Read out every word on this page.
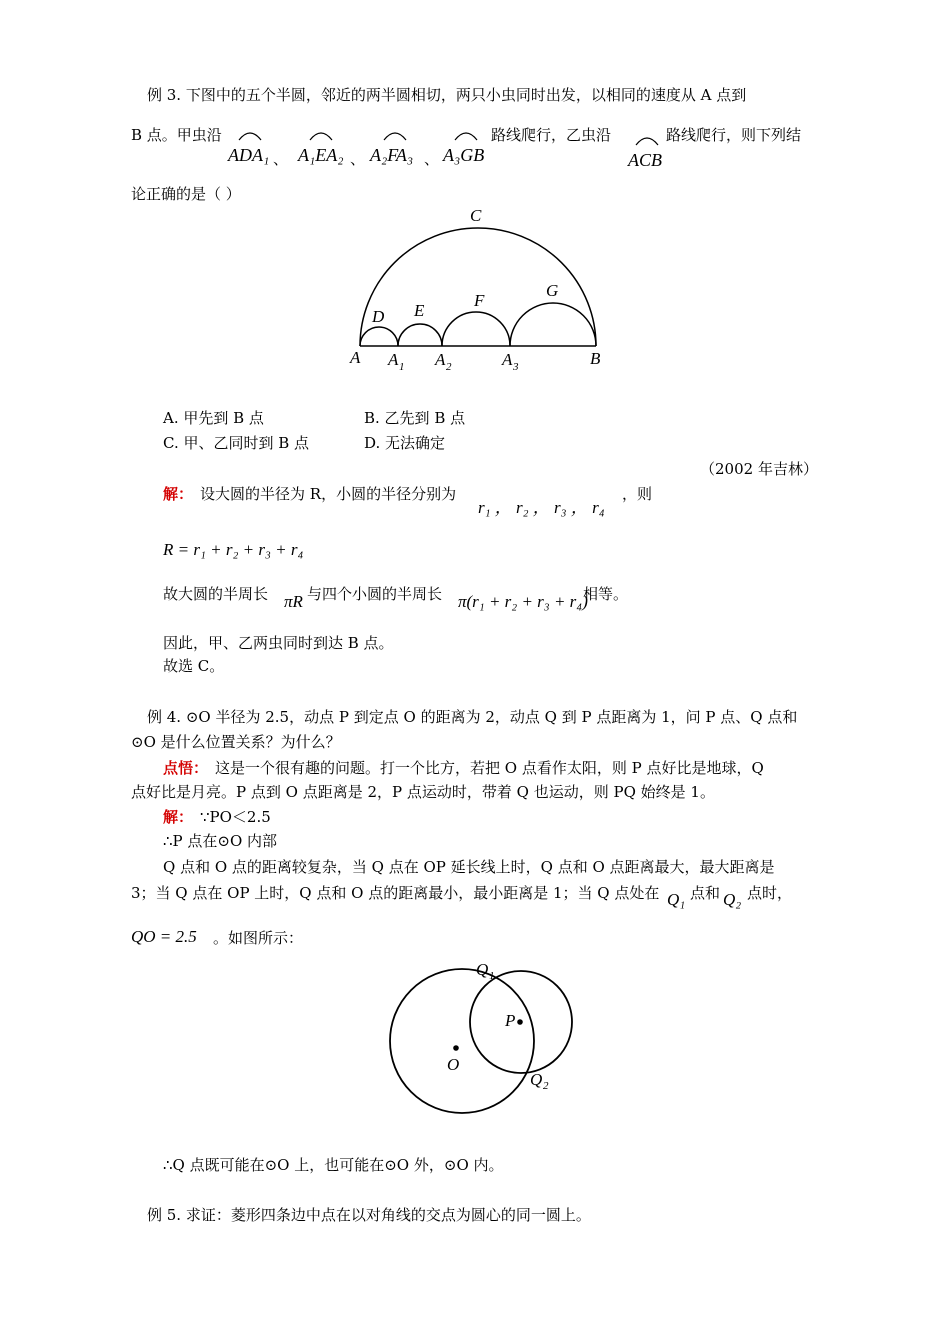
例 3. 下图中的五个半圆，邻近的两半圆相切，两只小虫同时出发，以相同的速度从 A 点到
B 点。甲虫沿
ADA₁ 、 A₁EA₂ 、 A₂FA₃ 、 A₃GB
路线爬行，乙虫沿
ACB
路线爬行，则下列结
论正确的是（ ）
C
D E
F
G
A A 1 A 2	A 3	B
A. 甲先到 B 点	B. 乙先到 B 点
C. 甲、乙同时到 B 点	D. 无法确定
（2002 年吉林）
解： 设大圆的半径为 R，小圆的半径分别为
r₁ ， r₂ ， r₃ ， r₄
，则
R = r₁ + r₂ + r₃ + r₄
故大圆的半周长 πR 与四个小圆的半周长 π(r₁ + r₂ + r₃ + r₄)
相等。
因此，甲、乙两虫同时到达 B 点。
故选 C。
例 4. ⊙O 半径为 2.5，动点 P 到定点 O 的距离为 2，动点 Q 到 P 点距离为 1，问 P 点、Q 点和
⊙O 是什么位置关系？为什么？
点悟： 这是一个很有趣的问题。打一个比方，若把 O 点看作太阳，则 P 点好比是地球，Q
点好比是月亮。P 点到 O 点距离是 2，P 点运动时，带着 Q 也运动，则 PQ 始终是 1。
解： ∵PO＜2.5
∴P 点在⊙O 内部
Q 点和 O 点的距离较复杂，当 Q 点在 OP 延长线上时，Q 点和 O 点距离最大，最大距离是
3；当 Q 点在 OP 上时，Q 点和 O 点的距离最小，最小距离是 1；当 Q 点处在 Q₁ 点和 Q₂ 点时，
QO = 2.5 。如图所示：
Q 1
P
O
Q 2
∴Q 点既可能在⊙O 上，也可能在⊙O 外，⊙O 内。
例 5. 求证：菱形四条边中点在以对角线的交点为圆心的同一圆上。
